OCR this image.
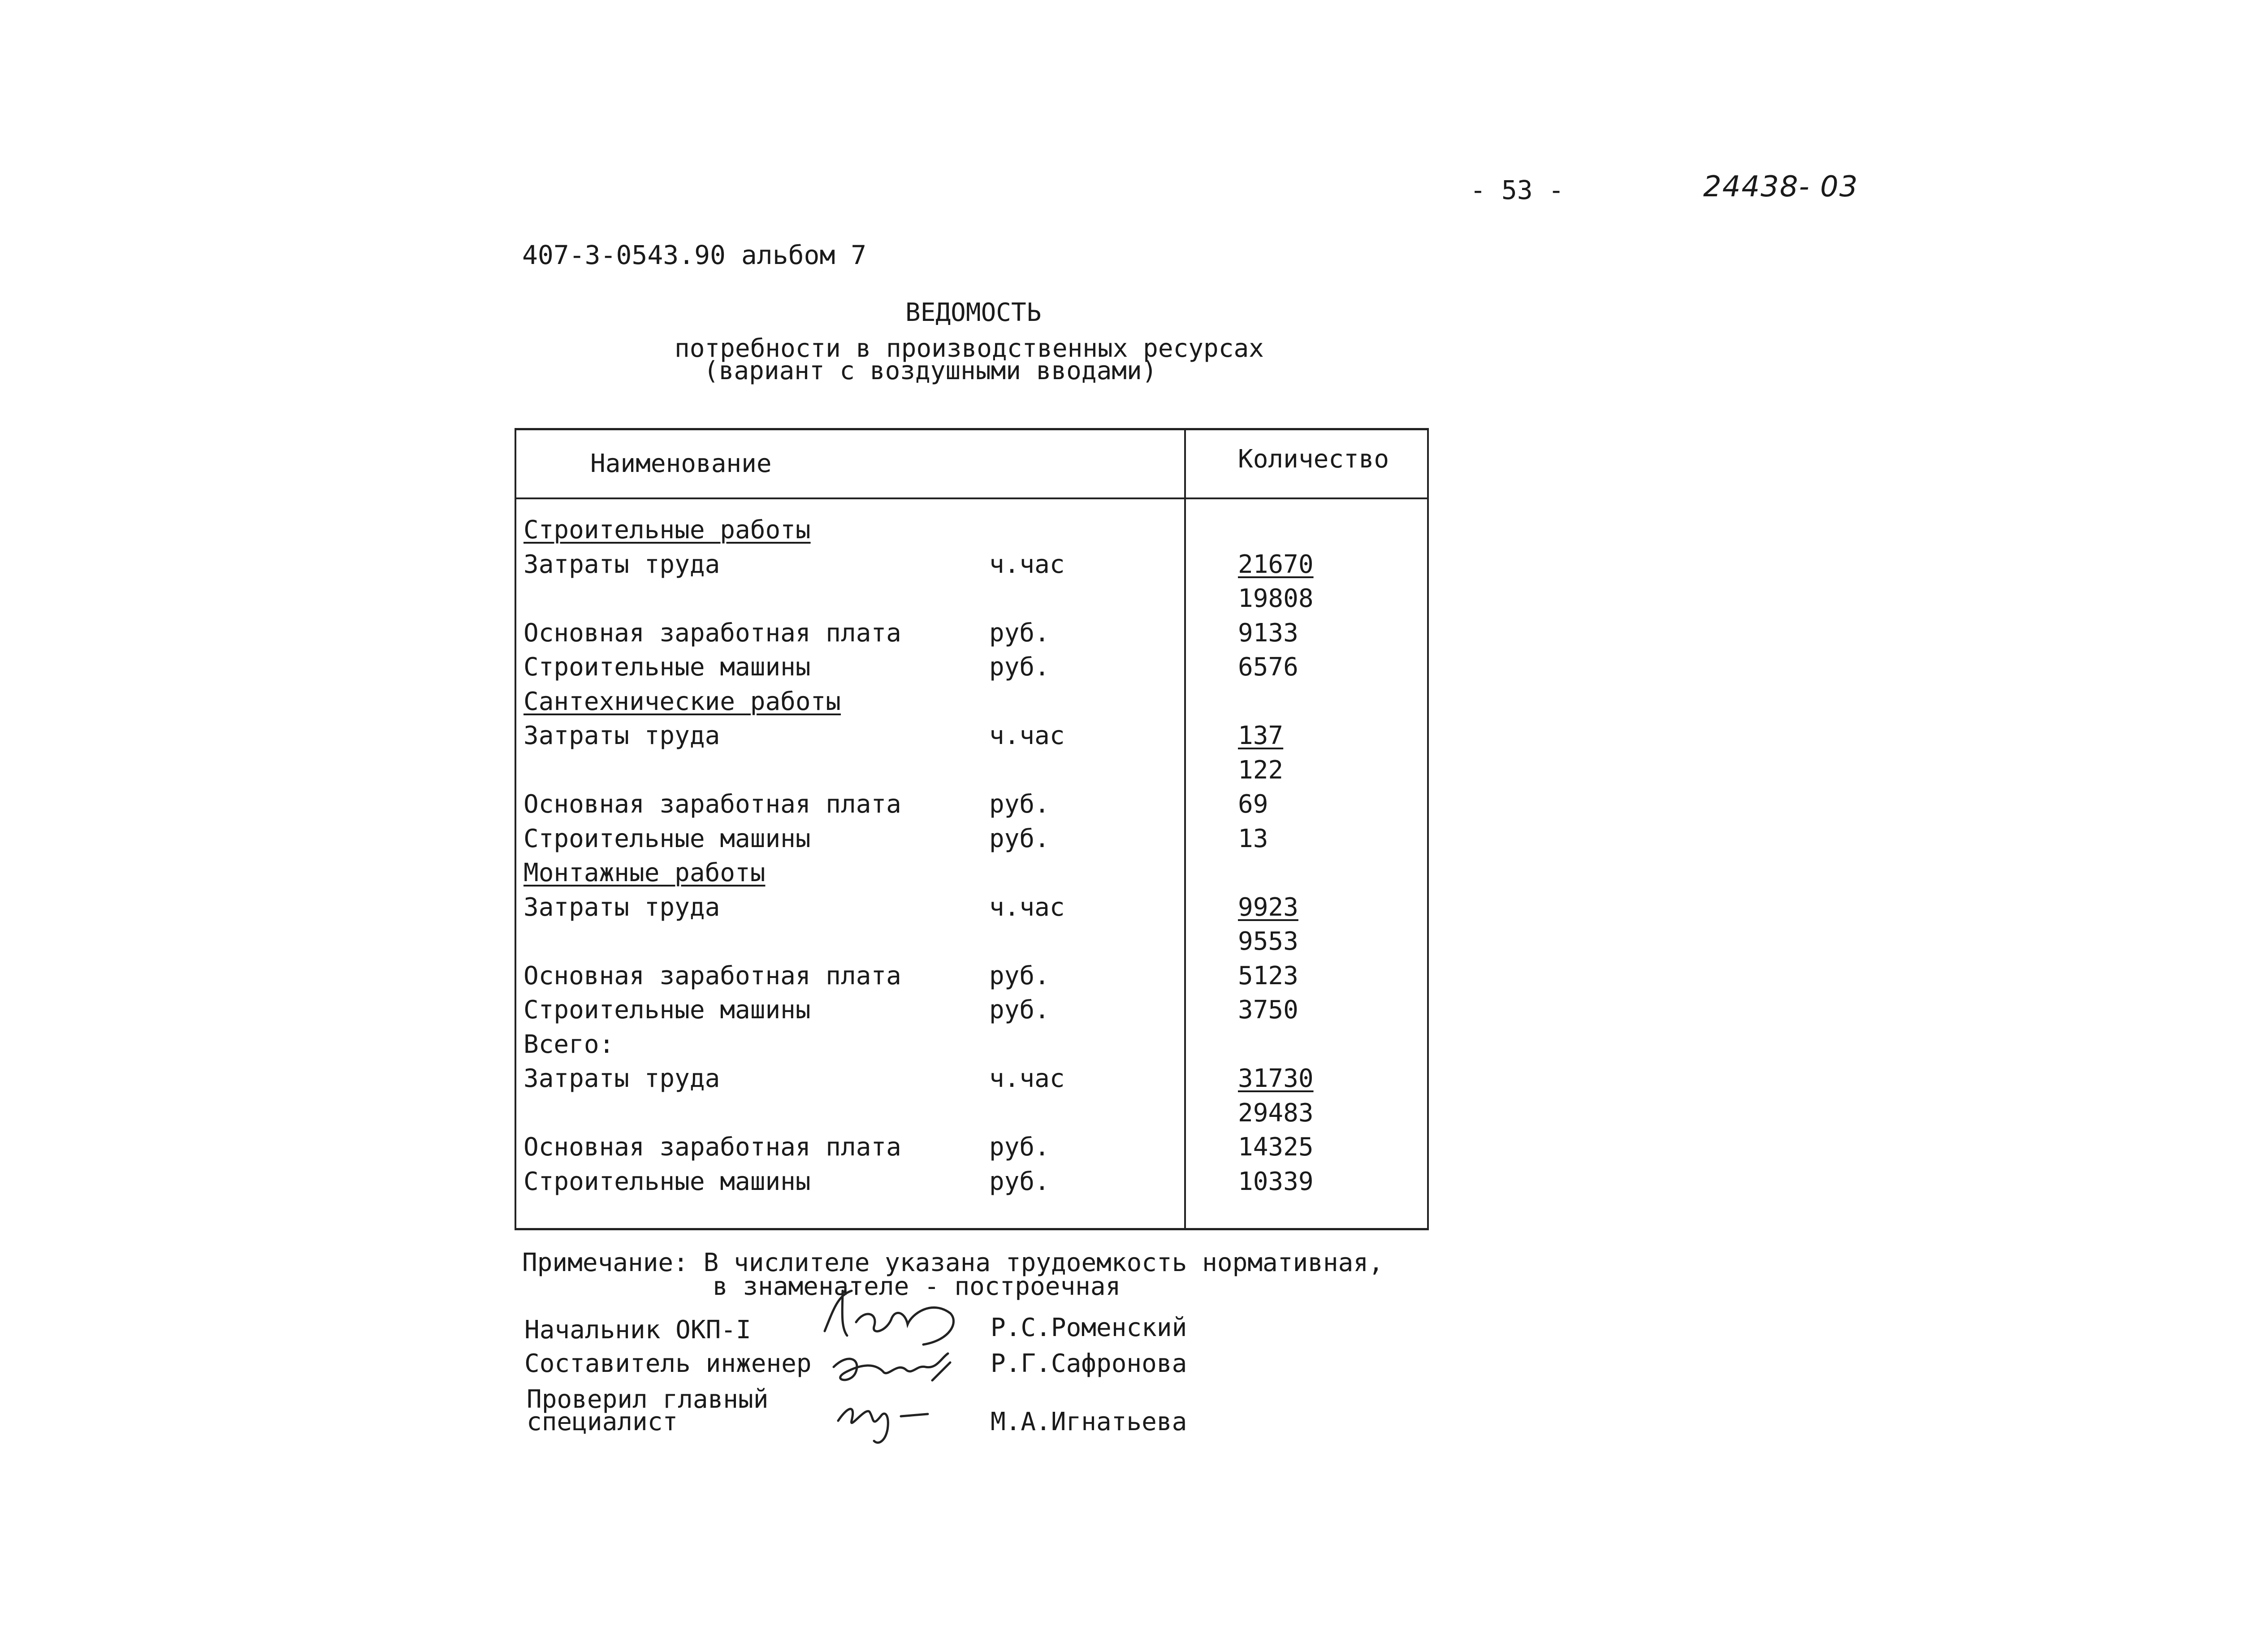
- 53 -	24438- 03
407-3-0543.90 альбом 7
ВЕДОМОСТЬ
потребности в производственных ресурсах
(вариант с воздушными вводами)
Наименование	Количество
Строительные работы
Затраты труда	ч.час	21670
19808
Основная заработная плата	руб.	9133
Строительные машины	руб.	6576
Сантехнические работы
Затраты труда	ч.час	137
122
Основная заработная плата	руб.	69
Строительные машины	руб.	13
Монтажные работы
Затраты труда	ч.час	9923
9553
Основная заработная плата	руб.	5123
Строительные машины	руб.	3750
Всего:
Затраты труда	ч.час	31730
29483
Основная заработная плата	руб.	14325
Строительные машины	руб.	10339
Примечание: В числителе указана трудоемкость нормативная,
в знаменателе - построечная
Начальник ОКП-I	Р.С.Роменский
Составитель инженер	Р.Г.Сафронова
Проверил главный
специалист	М.А.Игнатьева
